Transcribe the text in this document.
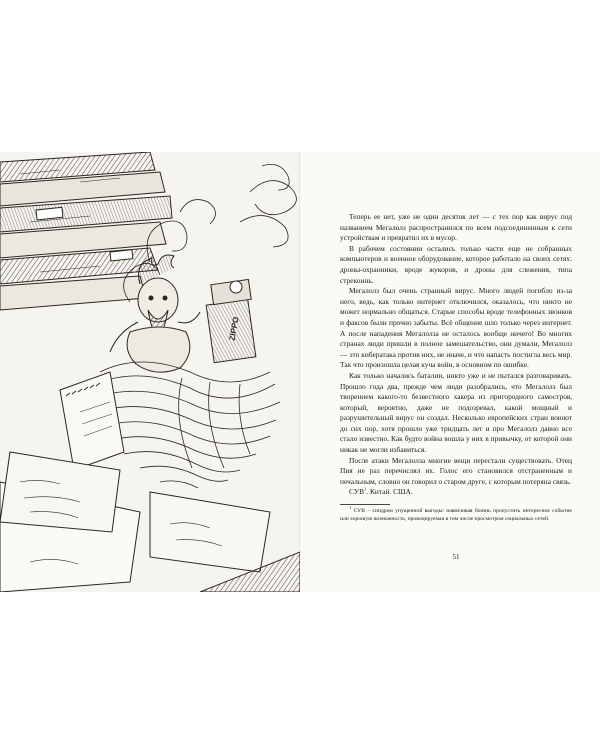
ZIPPO

Теперь ее нет, уже не один десяток лет — с тех пор как вирус под названием Мегалолз распространился по всем подсоединенным к сети устройствам и превратил их в мусор.

В рабочем состоянии остались только части еще не собранных компьютеров и военное оборудование, которое работало на своих сетях: дроны-охранники, вроде жукоров, и дроны для слежения, типа стрекоинь.

Мегалолз был очень странный вирус. Много людей погибло из-за него, ведь, как только интернет отключился, оказалось, что никто не может нормально общаться. Старые способы вроде телефонных звонков и факсов были прочно забыты. Всё общение шло только через интернет. А после нападения Мегалолза не осталось вообще ничего! Во многих странах люди пришли в полное замешательство, они думали, Мегалолз — это кибератака против них, не иначе, и что напасть постигла весь мир. Так что произошла целая куча войн, в основном по ошибке.

Как только начались баталии, никто уже и не пытался разговаривать. Прошло года два, прежде чем люди разобрались, что Мегалолз был творением какого-то безвестного хакера из пригородного самостроя, который, вероятно, даже не подозревал, какой мощный и разрушительный вирус он создал. Несколько европейских стран воюют до сих пор, хотя прошло уже тридцать лет и про Мегалолз давно все стало известно. Как будто война вошла у них в привычку, от которой они никак не могли избавиться.

После атаки Мегалолза многие вещи перестали существовать. Отец Пия не раз перечислял их. Голос его становился отстраненным и печальным, словно он говорил о старом друге, с которым потеряна связь.

СУВ$^1$. Китай. США.

$^1$ СУВ – синдром упущенной выгоды: навязчивая боязнь пропустить интересное событие или хорошую возможность, провоцируемая в том числе просмотром социальных сетей.

51
